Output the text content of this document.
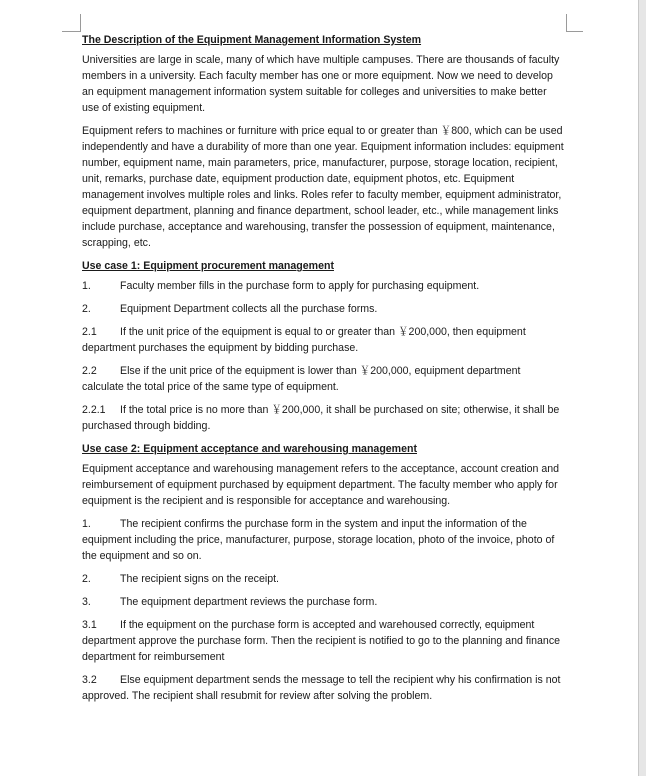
The Description of the Equipment Management Information System

Universities are large in scale, many of which have multiple campuses. There are thousands of faculty members in a university. Each faculty member has one or more equipment. Now we need to develop an equipment management information system suitable for colleges and universities to make better use of existing equipment.

Equipment refers to machines or furniture with price equal to or greater than ￥800, which can be used independently and have a durability of more than one year. Equipment information includes: equipment number, equipment name, main parameters, price, manufacturer, purpose, storage location, recipient, unit, remarks, purchase date, equipment production date, equipment photos, etc. Equipment management involves multiple roles and links. Roles refer to faculty member, equipment administrator, equipment department, planning and finance department, school leader, etc., while management links include purchase, acceptance and warehousing, transfer the possession of equipment, maintenance, scrapping, etc.

Use case 1: Equipment procurement management

1.	Faculty member fills in the purchase form to apply for purchasing equipment.

2.	Equipment Department collects all the purchase forms.

2.1 If the unit price of the equipment is equal to or greater than ￥200,000, then equipment department purchases the equipment by bidding purchase.

2.2 Else if the unit price of the equipment is lower than ￥200,000, equipment department calculate the total price of the same type of equipment.

2.2.1 If the total price is no more than ￥200,000, it shall be purchased on site; otherwise, it shall be purchased through bidding.

Use case 2: Equipment acceptance and warehousing management

Equipment acceptance and warehousing management refers to the acceptance, account creation and reimbursement of equipment purchased by equipment department. The faculty member who apply for equipment is the recipient and is responsible for acceptance and warehousing.

1.	The recipient confirms the purchase form in the system and input the information of the equipment including the price, manufacturer, purpose, storage location, photo of the invoice, photo of the equipment and so on.

2.	The recipient signs on the receipt.

3.	The equipment department reviews the purchase form.

3.1 If the equipment on the purchase form is accepted and warehoused correctly, equipment department approve the purchase form. Then the recipient is notified to go to the planning and finance department for reimbursement

3.2 Else equipment department sends the message to tell the recipient why his confirmation is not approved. The recipient shall resubmit for review after solving the problem.
